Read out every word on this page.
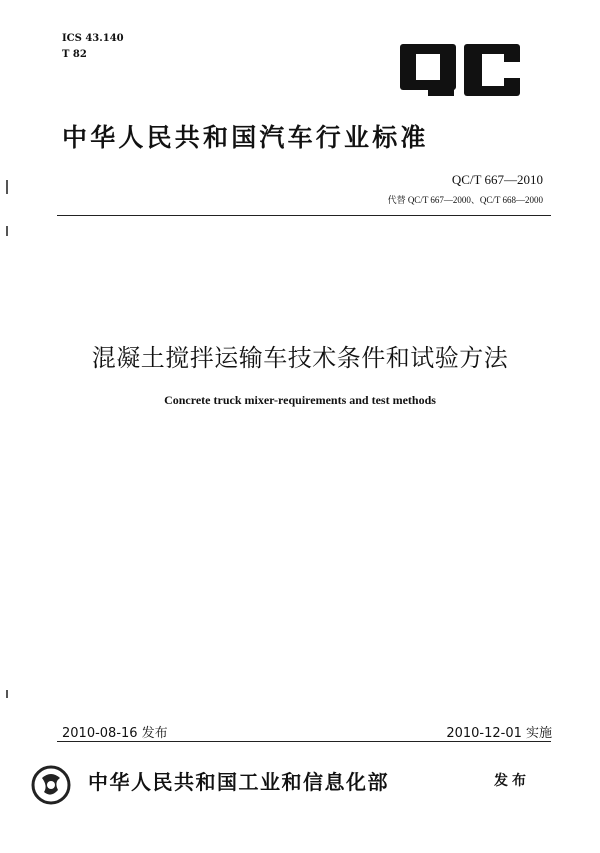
ICS 43.140
T 82
中华人民共和国汽车行业标准
QC/T 667—2010
代替 QC/T 667—2000、QC/T 668—2000
混凝土搅拌运输车技术条件和试验方法
Concrete truck mixer-requirements and test methods
2010-08-16 发布	2010-12-01 实施
中华人民共和国工业和信息化部	发布
